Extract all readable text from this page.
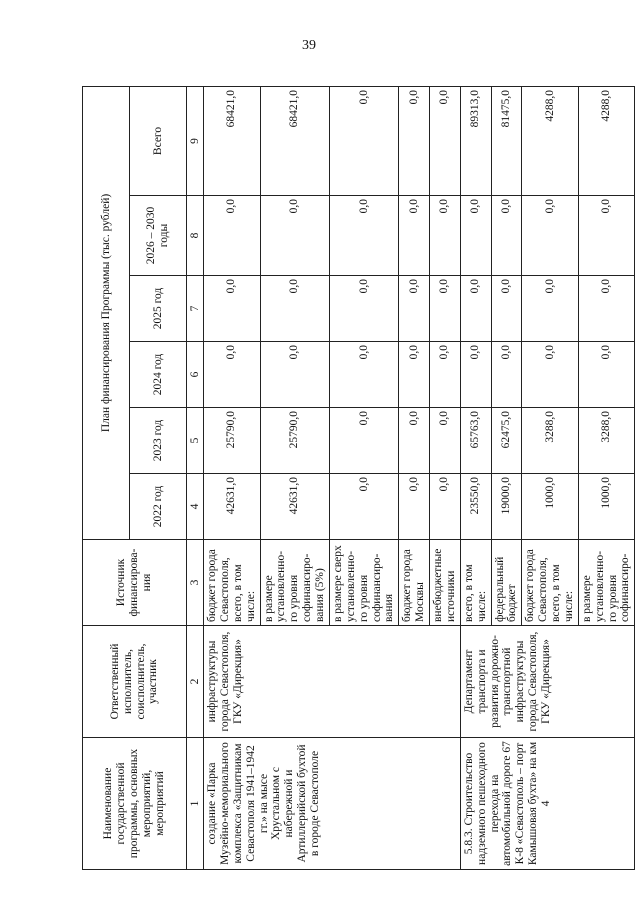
39
Наименование государственной программы, основных мероприятий, мероприятий	Ответственный исполнитель, соисполнитель, участник	Источник финансирова-ния	План финансирования Программы (тыс. рублей)					
			2022 год	2023 год	2024 год	2025 год	2026 – 2030 годы	Всего
1	2	3	4	5	6	7	8	9
создание «Парка Музейно-мемориального комплекса «Защитникам Севастополя 1941–1942 гг.» на мысе Хрустальном с набережной и Артиллерийской бухтой в городе Севастополе	инфраструктуры города Севастополя, ГКУ «Дирекция»	бюджет города Севастополя, всего, в том числе:	42631,0	25790,0	0,0	0,0	0,0	68421,0
		в размере установленно-го уровня софинансиро-вания (5%)	42631,0	25790,0	0,0	0,0	0,0	68421,0
		в размере сверх установленно-го уровня софинансиро-вания	0,0	0,0	0,0	0,0	0,0	0,0
		бюджет города Москвы	0,0	0,0	0,0	0,0	0,0	0,0
		внебюджетные источники	0,0	0,0	0,0	0,0	0,0	0,0
5.8.3. Строительство надземного пешеходного перехода на автомобильной дороге 67 К-8 «Севастополь – порт Камышовая бухта» на км 4	Департамент транспорта и развития дорожно-транспортной инфраструктуры города Севастополя, ГКУ «Дирекция»	всего, в том числе:	23550,0	65763,0	0,0	0,0	0,0	89313,0
		федеральный бюджет	19000,0	62475,0	0,0	0,0	0,0	81475,0
		бюджет города Севастополя, всего, в том числе:	1000,0	3288,0	0,0	0,0	0,0	4288,0
		в размере установленно-го уровня софинансиро-	1000,0	3288,0	0,0	0,0	0,0	4288,0
